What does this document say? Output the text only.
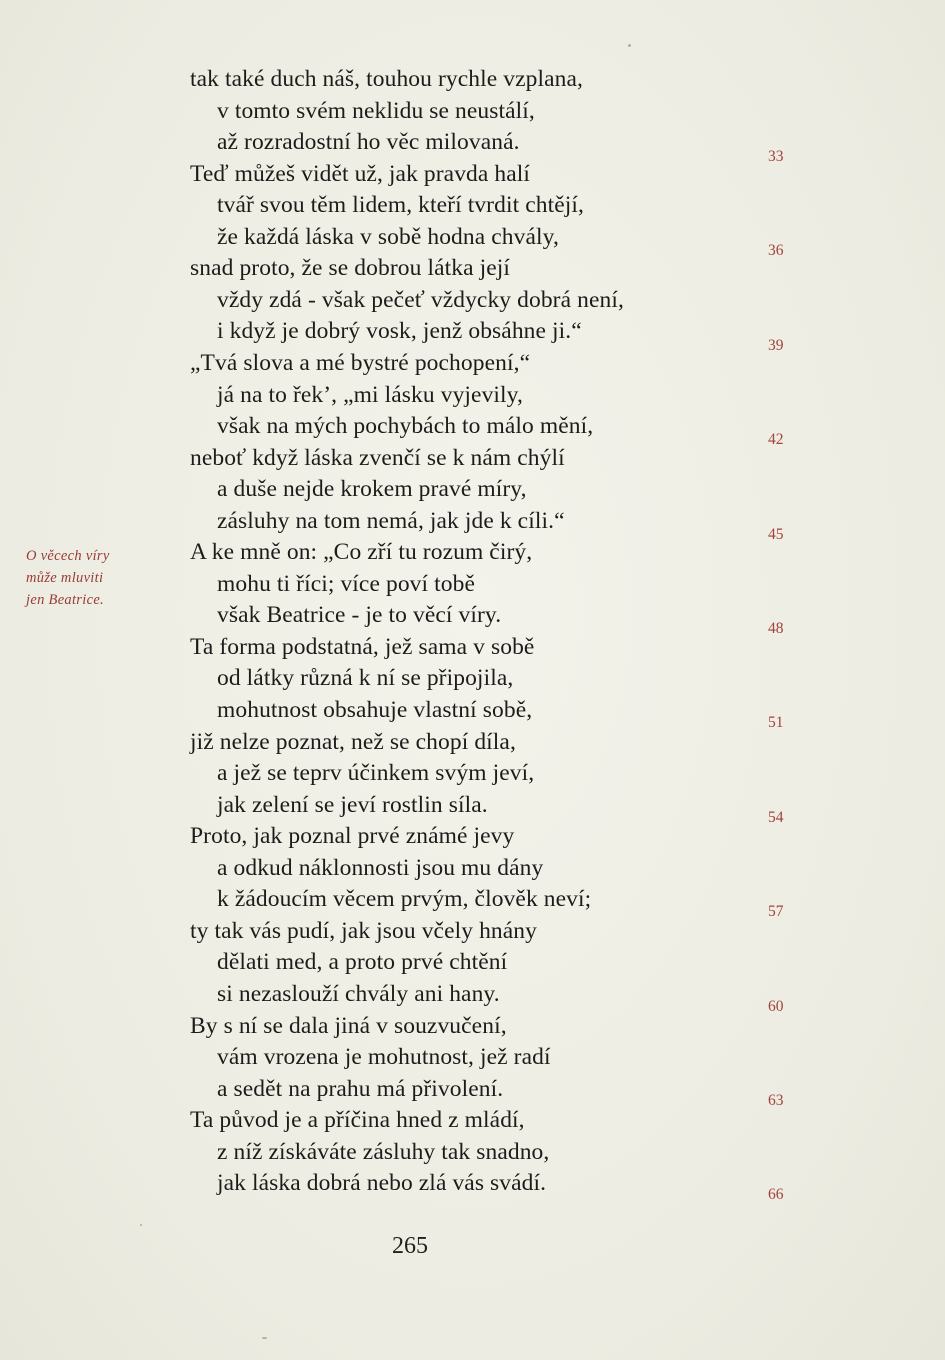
tak také duch náš, touhou rychle vzplana,
v tomto svém neklidu se neustálí,
až rozradostní ho věc milovaná.
Teď můžeš vidět už, jak pravda halí
tvář svou těm lidem, kteří tvrdit chtějí,
že každá láska v sobě hodna chvály,
snad proto, že se dobrou látka její
vždy zdá - však pečeť vždycky dobrá není,
i když je dobrý vosk, jenž obsáhne ji.“
„Tvá slova a mé bystré pochopení,“
já na to řek’, „mi lásku vyjevily,
však na mých pochybách to málo mění,
neboť když láska zvenčí se k nám chýlí
a duše nejde krokem pravé míry,
zásluhy na tom nemá, jak jde k cíli.“
A ke mně on: „Co zří tu rozum čirý,
mohu ti říci; více poví tobě
však Beatrice - je to věcí víry.
Ta forma podstatná, jež sama v sobě
od látky různá k ní se připojila,
mohutnost obsahuje vlastní sobě,
již nelze poznat, než se chopí díla,
a jež se teprv účinkem svým jeví,
jak zelení se jeví rostlin síla.
Proto, jak poznal prvé známé jevy
a odkud náklonnosti jsou mu dány
k žádoucím věcem prvým, člověk neví;
ty tak vás pudí, jak jsou včely hnány
dělati med, a proto prvé chtění
si nezaslouží chvály ani hany.
By s ní se dala jiná v souzvučení,
vám vrozena je mohutnost, jež radí
a sedět na prahu má přivolení.
Ta původ je a příčina hned z mládí,
z níž získáváte zásluhy tak snadno,
jak láska dobrá nebo zlá vás svádí.
O věcech víry
může mluviti
jen Beatrice.
33
36
39
42
45
48
51
54
57
60
63
66
265
